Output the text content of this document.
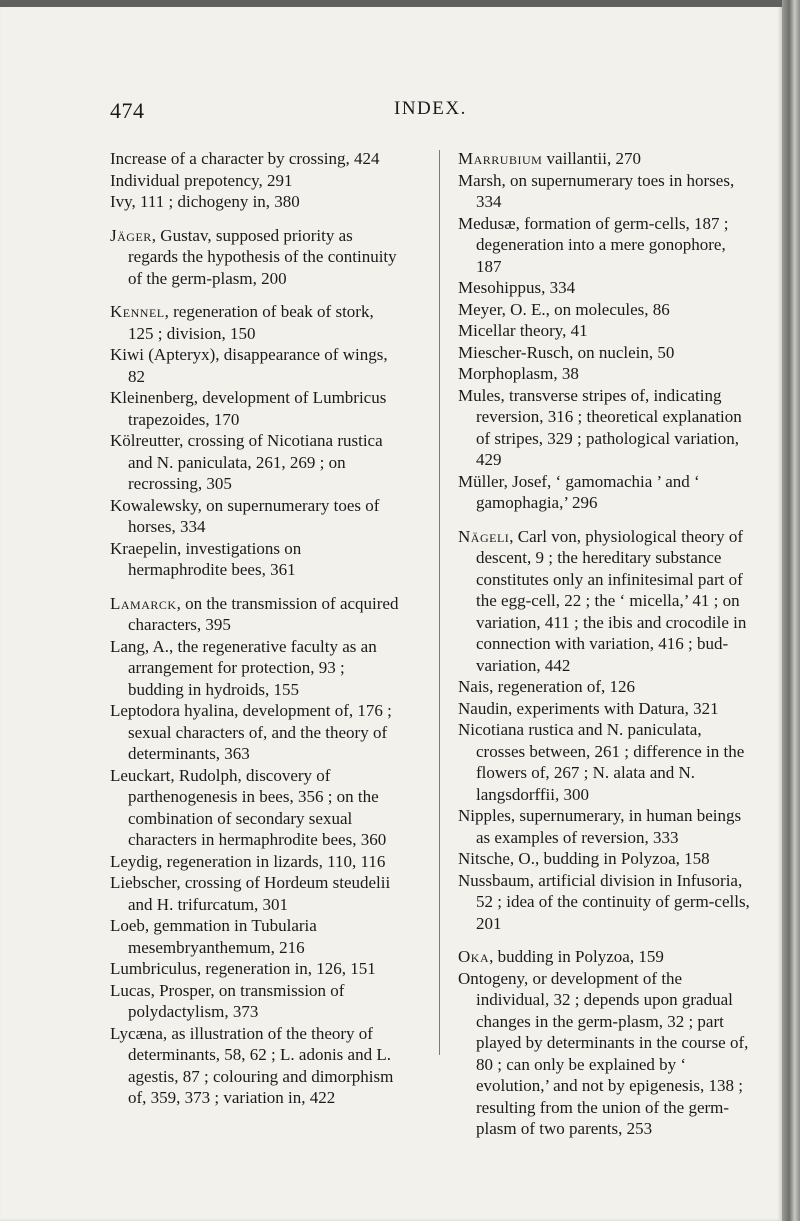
474	INDEX.

Increase of a character by crossing, 424

Individual prepotency, 291

Ivy, 111 ; dichogeny in, 380

Jäger, Gustav, supposed priority as regards the hypothesis of the continuity of the germ-plasm, 200

Kennel, regeneration of beak of stork, 125 ; division, 150

Kiwi (Apteryx), disappearance of wings, 82

Kleinenberg, development of Lumbricus trapezoides, 170

Kölreutter, crossing of Nicotiana rustica and N. paniculata, 261, 269 ; on recrossing, 305

Kowalewsky, on supernumerary toes of horses, 334

Kraepelin, investigations on hermaphrodite bees, 361

Lamarck, on the transmission of acquired characters, 395

Lang, A., the regenerative faculty as an arrangement for protection, 93 ; budding in hydroids, 155

Leptodora hyalina, development of, 176 ; sexual characters of, and the theory of determinants, 363

Leuckart, Rudolph, discovery of parthenogenesis in bees, 356 ; on the combination of secondary sexual characters in hermaphrodite bees, 360

Leydig, regeneration in lizards, 110, 116

Liebscher, crossing of Hordeum steudelii and H. trifurcatum, 301

Loeb, gemmation in Tubularia mesembryanthemum, 216

Lumbriculus, regeneration in, 126, 151

Lucas, Prosper, on transmission of polydactylism, 373

Lycæna, as illustration of the theory of determinants, 58, 62 ; L. adonis and L. agestis, 87 ; colouring and dimorphism of, 359, 373 ; variation in, 422

Marrubium vaillantii, 270

Marsh, on supernumerary toes in horses, 334

Medusæ, formation of germ-cells, 187 ; degeneration into a mere gonophore, 187

Mesohippus, 334

Meyer, O. E., on molecules, 86

Micellar theory, 41

Miescher-Rusch, on nuclein, 50

Morphoplasm, 38

Mules, transverse stripes of, indicating reversion, 316 ; theoretical explanation of stripes, 329 ; pathological variation, 429

Müller, Josef, ‘ gamomachia ’ and ‘ gamophagia,’ 296

Nägeli, Carl von, physiological theory of descent, 9 ; the hereditary substance constitutes only an infinitesimal part of the egg-cell, 22 ; the ‘ micella,’ 41 ; on variation, 411 ; the ibis and crocodile in connection with variation, 416 ; bud-variation, 442

Nais, regeneration of, 126

Naudin, experiments with Datura, 321

Nicotiana rustica and N. paniculata, crosses between, 261 ; difference in the flowers of, 267 ; N. alata and N. langsdorffii, 300

Nipples, supernumerary, in human beings as examples of reversion, 333

Nitsche, O., budding in Polyzoa, 158

Nussbaum, artificial division in Infusoria, 52 ; idea of the continuity of germ-cells, 201

Oka, budding in Polyzoa, 159

Ontogeny, or development of the individual, 32 ; depends upon gradual changes in the germ-plasm, 32 ; part played by determinants in the course of, 80 ; can only be explained by ‘ evolution,’ and not by epigenesis, 138 ; resulting from the union of the germ-plasm of two parents, 253
